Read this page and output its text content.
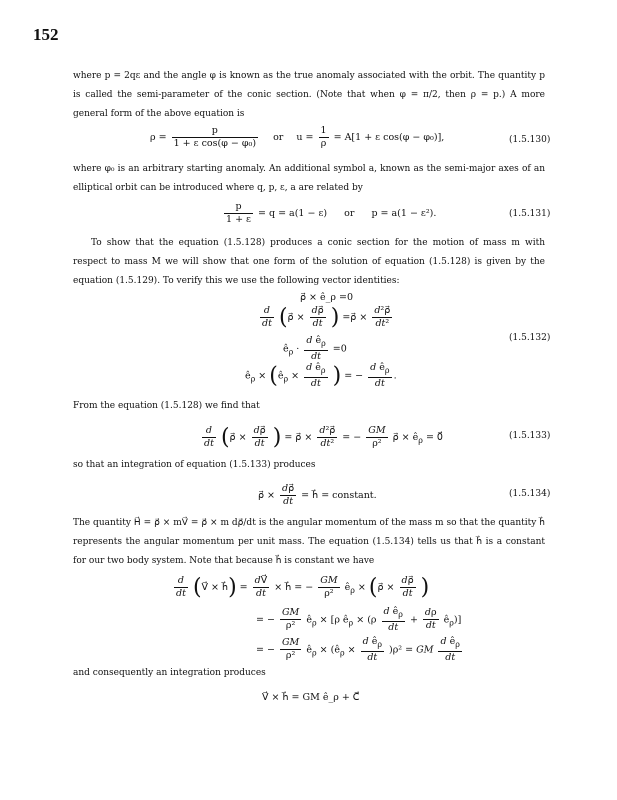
152
where p = 2qε and the angle φ is known as the true anomaly associated with the orbit. The quantity p is called the semi-parameter of the conic section. (Note that when φ = π/2, then ρ = p.) A more general form of the above equation is
$\rho = \frac{p}{\text{1 + ε cos(φ − φ₀)}}$ or $u = \frac{1}{\rho} = A[1 + \varepsilon$ cos(φ − φ₀)],	(1.5.130)
where φ₀ is an arbitrary starting anomaly. An additional symbol a, known as the semi-major axes of an elliptical orbit can be introduced where q, p, ε, a are related by
$\frac{p}{1 + \varepsilon} = q = a(1 - \varepsilon)$ or p = a(1 − ε²).	(1.5.131)
To show that the equation (1.5.128) produces a conic section for the motion of mass m with respect to mass M we will show that one form of the solution of equation (1.5.128) is given by the equation (1.5.129). To verify this we use the following vector identities:
ρ⃗ × ê_ρ =0
$\frac{d}{dt}$ (ρ⃗ × $\frac{d\rho⃗}{dt}$ ) =ρ⃗ × $\frac{\text{d²ρ⃗}}{\text{dt²}}$
$ê_\rho \cdot \frac{d ê_\rho}{dt} =0$
$ê_\rho$ × ($ê_\rho \times \frac{d ê_\rho}{dt}$ ) = − $\frac{d ê_\rho}{dt}$ .
(1.5.132)
From the equation (1.5.128) we find that
$\frac{d}{dt}$ (ρ⃗ × $\frac{d\rho⃗}{dt}$ ) = ρ⃗ × $\frac{\text{d²ρ⃗}}{\text{dt²}}$ = − $\frac{GM}{\text{ρ²}}$ ρ⃗ × $ê_\rho$ = 0⃗	(1.5.133)
so that an integration of equation (1.5.133) produces
ρ⃗ × $\frac{d\rho⃗}{dt}$ = h⃗ = constant.	(1.5.134)
The quantity H⃗ = ρ⃗ × mV⃗ = ρ⃗ × m dρ⃗/dt is the angular momentum of the mass m so that the quantity h⃗ represents the angular momentum per unit mass. The equation (1.5.134) tells us that h⃗ is a constant for our two body system. Note that because h⃗ is constant we have
$\frac{d}{dt}$ (V⃗ × h⃗) = $\frac{dV⃗}{dt}$ × h⃗ = − $\frac{GM}{\text{ρ²}}$ $ê_\rho$ × (ρ⃗ × $\frac{d\rho⃗}{dt}$ )
= − $\frac{GM}{\text{ρ²}}$ $ê_\rho \times [\rho$ $ê_\rho \times (\rho \frac{d ê_\rho}{dt} + \frac{d\rho}{dt}$ $ê_\rho$)]
= − $\frac{GM}{\text{ρ²}}$ $ê_\rho$ × $(ê_\rho \times \frac{d ê_\rho}{dt} )\rho^2$ = GM $\frac{d ê_\rho}{dt}$
and consequently an integration produces
V⃗ × h⃗ = GM ê_ρ + C⃗
